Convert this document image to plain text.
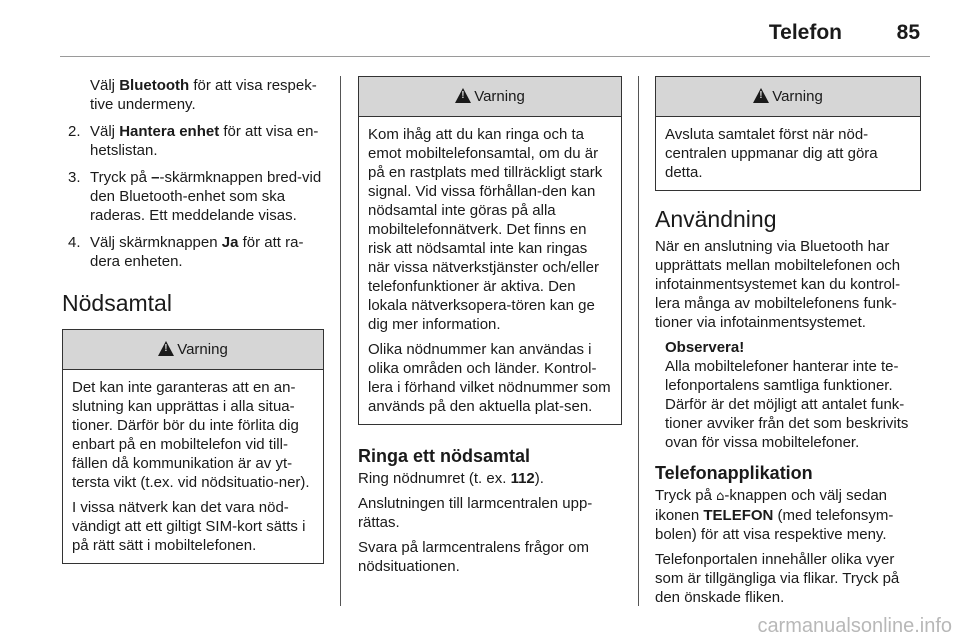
Telefon	85
Välj Bluetooth för att visa respek-tive undermeny.
2. Välj Hantera enhet för att visa en-hetslistan.
3. Tryck på –-skärmknappen bred-vid den Bluetooth-enhet som ska raderas. Ett meddelande visas.
4. Välj skärmknappen Ja för att ra-dera enheten.
Nödsamtal
!
Varning

Det kan inte garanteras att en an-slutning kan upprättas i alla situa-tioner. Därför bör du inte förlita dig enbart på en mobiltelefon vid till-fällen då kommunikation är av yt-tersta vikt (t.ex. vid nödsituatio-ner).

I vissa nätverk kan det vara nöd-vändigt att ett giltigt SIM-kort sätts i på rätt sätt i mobiltelefonen.

!
Varning

Kom ihåg att du kan ringa och ta emot mobiltelefonsamtal, om du är på en rastplats med tillräckligt stark signal. Vid vissa förhållan-den kan nödsamtal inte göras på alla mobiltelefonnätverk. Det finns en risk att nödsamtal inte kan ringas när vissa nätverkstjänster och/eller telefonfunktioner är aktiva. Den lokala nätverksopera-tören kan ge dig mer information.

Olika nödnummer kan användas i olika områden och länder. Kontrol-lera i förhand vilket nödnummer som används på den aktuella plat-sen.

Ringa ett nödsamtal

Ring nödnumret (t. ex. 112).

Anslutningen till larmcentralen upp-rättas.

Svara på larmcentralens frågor om nödsituationen.

!
Varning

Avsluta samtalet först när nöd-centralen uppmanar dig att göra detta.

Användning

När en anslutning via Bluetooth har upprättats mellan mobiltelefonen och infotainmentsystemet kan du kontrol-lera många av mobiltelefonens funk-tioner via infotainmentsystemet.

Observera!
Alla mobiltelefoner hanterar inte te-lefonportalens samtliga funktioner. Därför är det möjligt att antalet funk-tioner avviker från det som beskrivits ovan för vissa mobiltelefoner.
Telefonapplikation

Tryck på ⌂-knappen och välj sedan ikonen TELEFON (med telefonsym-bolen) för att visa respektive meny.

Telefonportalen innehåller olika vyer som är tillgängliga via flikar. Tryck på den önskade fliken.

carmanualsonline.info
